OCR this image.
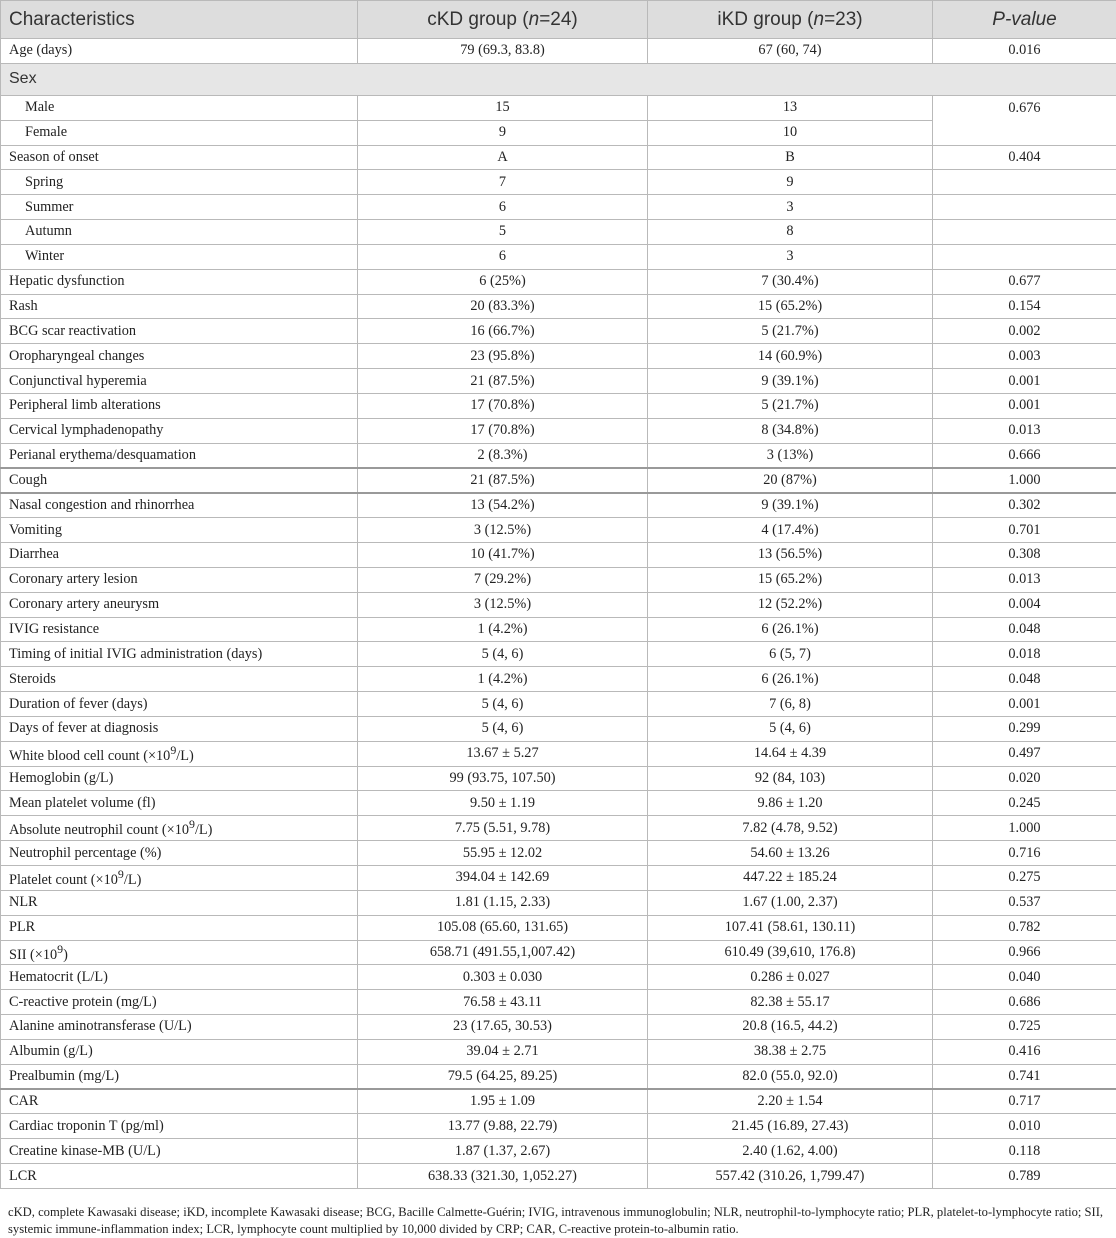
Characteristics	cKD group (n=24)	iKD group (n=23)	P-value
Age (days)	79 (69.3, 83.8)	67 (60, 74)	0.016
Sex			
Male	15	13	0.676
Female	9	10	
Season of onset	A	B	0.404
Spring	7	9	
Summer	6	3	
Autumn	5	8	
Winter	6	3	
Hepatic dysfunction	6 (25%)	7 (30.4%)	0.677
Rash	20 (83.3%)	15 (65.2%)	0.154
BCG scar reactivation	16 (66.7%)	5 (21.7%)	0.002
Oropharyngeal changes	23 (95.8%)	14 (60.9%)	0.003
Conjunctival hyperemia	21 (87.5%)	9 (39.1%)	0.001
Peripheral limb alterations	17 (70.8%)	5 (21.7%)	0.001
Cervical lymphadenopathy	17 (70.8%)	8 (34.8%)	0.013
Perianal erythema/desquamation	2 (8.3%)	3 (13%)	0.666
Cough	21 (87.5%)	20 (87%)	1.000
Nasal congestion and rhinorrhea	13 (54.2%)	9 (39.1%)	0.302
Vomiting	3 (12.5%)	4 (17.4%)	0.701
Diarrhea	10 (41.7%)	13 (56.5%)	0.308
Coronary artery lesion	7 (29.2%)	15 (65.2%)	0.013
Coronary artery aneurysm	3 (12.5%)	12 (52.2%)	0.004
IVIG resistance	1 (4.2%)	6 (26.1%)	0.048
Timing of initial IVIG administration (days)	5 (4, 6)	6 (5, 7)	0.018
Steroids	1 (4.2%)	6 (26.1%)	0.048
Duration of fever (days)	5 (4, 6)	7 (6, 8)	0.001
Days of fever at diagnosis	5 (4, 6)	5 (4, 6)	0.299
White blood cell count $(\times 10^9/L)$	13.67 ± 5.27	14.64 ± 4.39	0.497
Hemoglobin (g/L)	99 (93.75, 107.50)	92 (84, 103)	0.020
Mean platelet volume (fl)	9.50 ± 1.19	9.86 ± 1.20	0.245
Absolute neutrophil count $(\times 10^9/L)$	7.75 (5.51, 9.78)	7.82 (4.78, 9.52)	1.000
Neutrophil percentage (%)	55.95 ± 12.02	54.60 ± 13.26	0.716
Platelet count $(\times 10^9/L)$	394.04 ± 142.69	447.22 ± 185.24	0.275
NLR	1.81 (1.15, 2.33)	1.67 (1.00, 2.37)	0.537
PLR	105.08 (65.60, 131.65)	107.41 (58.61, 130.11)	0.782
SII $(\times 10^9)$	658.71 (491.55,1,007.42)	610.49 (39,610, 176.8)	0.966
Hematocrit (L/L)	0.303 ± 0.030	0.286 ± 0.027	0.040
C-reactive protein (mg/L)	76.58 ± 43.11	82.38 ± 55.17	0.686
Alanine aminotransferase (U/L)	23 (17.65, 30.53)	20.8 (16.5, 44.2)	0.725
Albumin (g/L)	39.04 ± 2.71	38.38 ± 2.75	0.416
Prealbumin (mg/L)	79.5 (64.25, 89.25)	82.0 (55.0, 92.0)	0.741
CAR	1.95 ± 1.09	2.20 ± 1.54	0.717
Cardiac troponin T (pg/ml)	13.77 (9.88, 22.79)	21.45 (16.89, 27.43)	0.010
Creatine kinase-MB (U/L)	1.87 (1.37, 2.67)	2.40 (1.62, 4.00)	0.118
LCR	638.33 (321.30, 1,052.27)	557.42 (310.26, 1,799.47)	0.789
cKD, complete Kawasaki disease; iKD, incomplete Kawasaki disease; BCG, Bacille Calmette-Guérin; IVIG, intravenous immunoglobulin; NLR, neutrophil-to-lymphocyte ratio; PLR, platelet-to-lymphocyte ratio; SII, systemic immune-inflammation index; LCR, lymphocyte count multiplied by 10,000 divided by CRP; CAR, C-reactive protein-to-albumin ratio.
